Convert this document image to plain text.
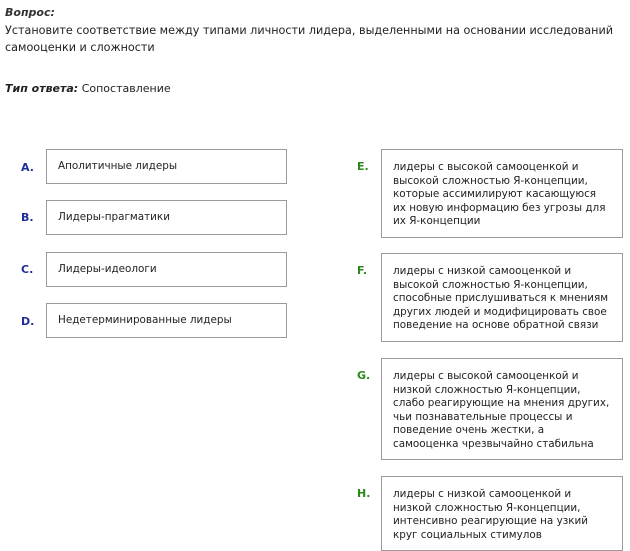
Вопрос:
Установите соответствие между типами личности лидера, выделенными на основании исследований самооценки и сложности
Тип ответа: Сопоставление
A.	Аполитичные лидеры
B.	Лидеры-прагматики
C.	Лидеры-идеологи
D.	Недетерминированные лидеры
E.	лидеры с высокой самооценкой и высокой сложностью Я-концепции, которые ассимилируют касающуюся их новую информацию без угрозы для их Я-концепции
F.	лидеры с низкой самооценкой и высокой сложностью Я-концепции, способные прислушиваться к мнениям других людей и модифицировать свое поведение на основе обратной связи
G.	лидеры с высокой самооценкой и низкой сложностью Я-концепции, слабо реагирующие на мнения других, чьи познавательные процессы и поведение очень жестки, а самооценка чрезвычайно стабильна
H.	лидеры с низкой самооценкой и низкой сложностью Я-концепции, интенсивно реагирующие на узкий круг социальных стимулов
